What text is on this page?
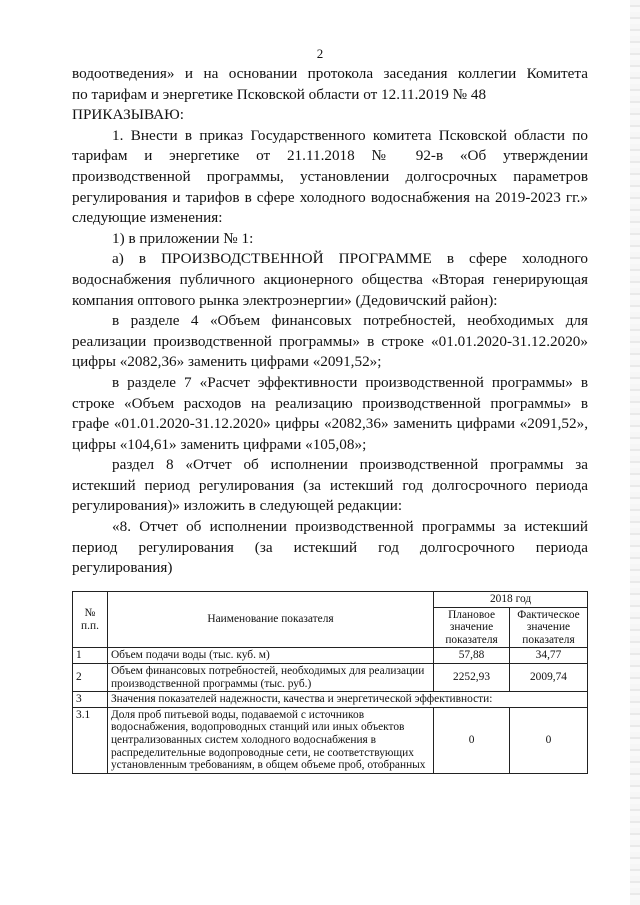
2

водоотведения» и на основании протокола заседания коллегии Комитета

по тарифам и энергетике Псковской области от 12.11.2019 № 48

ПРИКАЗЫВАЮ:

1. Внести в приказ Государственного комитета Псковской области по тарифам и энергетике от 21.11.2018 № 92-в «Об утверждении производственной программы, установлении долгосрочных параметров регулирования и тарифов в сфере холодного водоснабжения на 2019-2023 гг.» следующие изменения:

1) в приложении № 1:

а) в ПРОИЗВОДСТВЕННОЙ ПРОГРАММЕ в сфере холодного водоснабжения публичного акционерного общества «Вторая генерирующая компания оптового рынка электроэнергии» (Дедовичский район):

в разделе 4 «Объем финансовых потребностей, необходимых для реализации производственной программы» в строке «01.01.2020-31.12.2020» цифры «2082,36» заменить цифрами «2091,52»;

в разделе 7 «Расчет эффективности производственной программы» в строке «Объем расходов на реализацию производственной программы» в графе «01.01.2020-31.12.2020» цифры «2082,36» заменить цифрами «2091,52», цифры «104,61» заменить цифрами «105,08»;

раздел 8 «Отчет об исполнении производственной программы за истекший период регулирования (за истекший год долгосрочного периода регулирования)» изложить в следующей редакции:

«8. Отчет об исполнении производственной программы за истекший период регулирования (за истекший год долгосрочного периода регулирования)

№ п.п.	Наименование показателя	2018 год	
		Плановое значение показателя	Фактическое значение показателя
1	Объем подачи воды (тыс. куб. м)	57,88	34,77
2	Объем финансовых потребностей, необходимых для реализации производственной программы (тыс. руб.)	2252,93	2009,74
3	Значения показателей надежности, качества и энергетической эффективности:		
3.1	Доля проб питьевой воды, подаваемой с источников водоснабжения, водопроводных станций или иных объектов централизованных систем холодного водоснабжения в распределительные водопроводные сети, не соответствующих установленным требованиям, в общем объеме проб, отобранных	0	0
